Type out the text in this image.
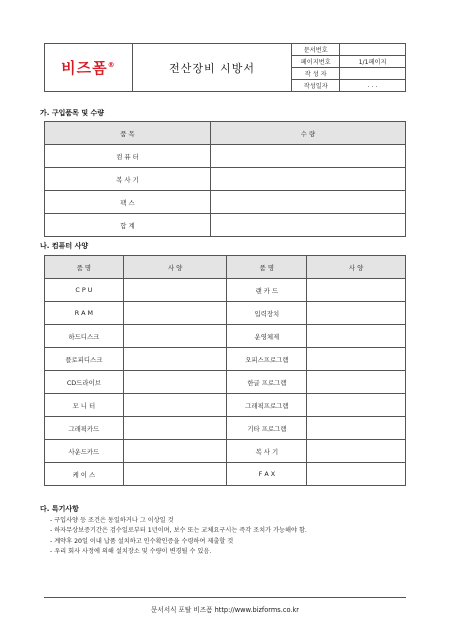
비즈폼®	전산장비 시방서	문서번호	
		페이지번호	1/1페이지
		작 성 자	
		작성일자	. . .
가. 구입품목 및 수량
품 목	수 량
컴 퓨 터	
복 사 기	
팩 스	
합 계	
나. 컴퓨터 사양
품 명	사 양	품 명	사 양
C P U		랜 카 드	
R A M		입력장치	
하드디스크		운영체제	
플로피디스크		오피스프로그램	
CD드라이브		한글 프로그램	
모 니 터		그래픽프로그램	
그래픽카드		기타 프로그램	
사운드카드		복 사 기	
케 이 스		F A X	
다. 특기사항
- 구입사양 등 조건은 동일하거나 그 이상일 것
- 하자무상보증기간은 검수일로부터 1년이며, 보수 또는 교체요구시는 즉각 조치가 가능해야 함.
- 계약후 20일 이내 납품 설치하고 인수확인증을 수령하여 제출할 것
- 우리 회사 사정에 의해 설치장소 및 수량이 변경될 수 있음.
문서서식 포탈 비즈폼 http://www.bizforms.co.kr
